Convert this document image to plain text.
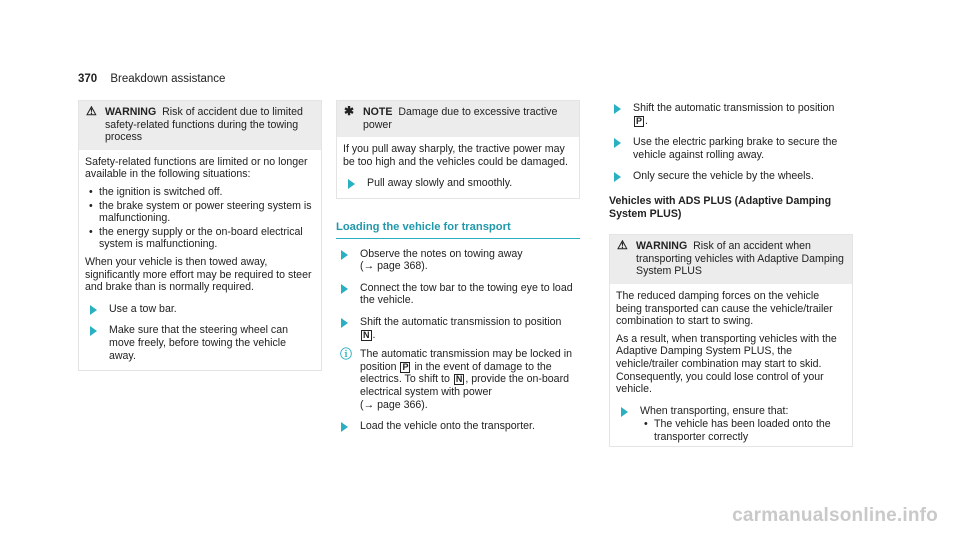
370 Breakdown assistance
⚠ WARNING Risk of accident due to limited safety-related functions during the towing process

Safety-related functions are limited or no longer available in the following situations:

• the ignition is switched off.
• the brake system or power steering system is malfunctioning.
• the energy supply or the on-board electrical system is malfunctioning.

When your vehicle is then towed away, significantly more effort may be required to steer and brake than is normally required.

Use a tow bar.
Make sure that the steering wheel can move freely, before towing the vehicle away.
✱ NOTE Damage due to excessive tractive power

If you pull away sharply, the tractive power may be too high and the vehicles could be damaged.

Pull away slowly and smoothly.
Loading the vehicle for transport
Observe the notes on towing away
(→ page 368).
Connect the tow bar to the towing eye to load the vehicle.
Shift the automatic transmission to position
N .
ⓘ The automatic transmission may be locked in position P in the event of damage to the electrics. To shift to N , provide the on-board electrical system with power
(→ page 366).
Load the vehicle onto the transporter.
Shift the automatic transmission to position
P .
Use the electric parking brake to secure the vehicle against rolling away.
Only secure the vehicle by the wheels.
Vehicles with ADS PLUS (Adaptive Damping System PLUS)
⚠ WARNING Risk of an accident when transporting vehicles with Adaptive Damping System PLUS

The reduced damping forces on the vehicle being transported can cause the vehicle/trailer combination to start to swing.

As a result, when transporting vehicles with the Adaptive Damping System PLUS, the vehicle/trailer combination may start to skid. Consequently, you could lose control of your vehicle.

When transporting, ensure that:
• The vehicle has been loaded onto the transporter correctly
carmanualsonline.info
